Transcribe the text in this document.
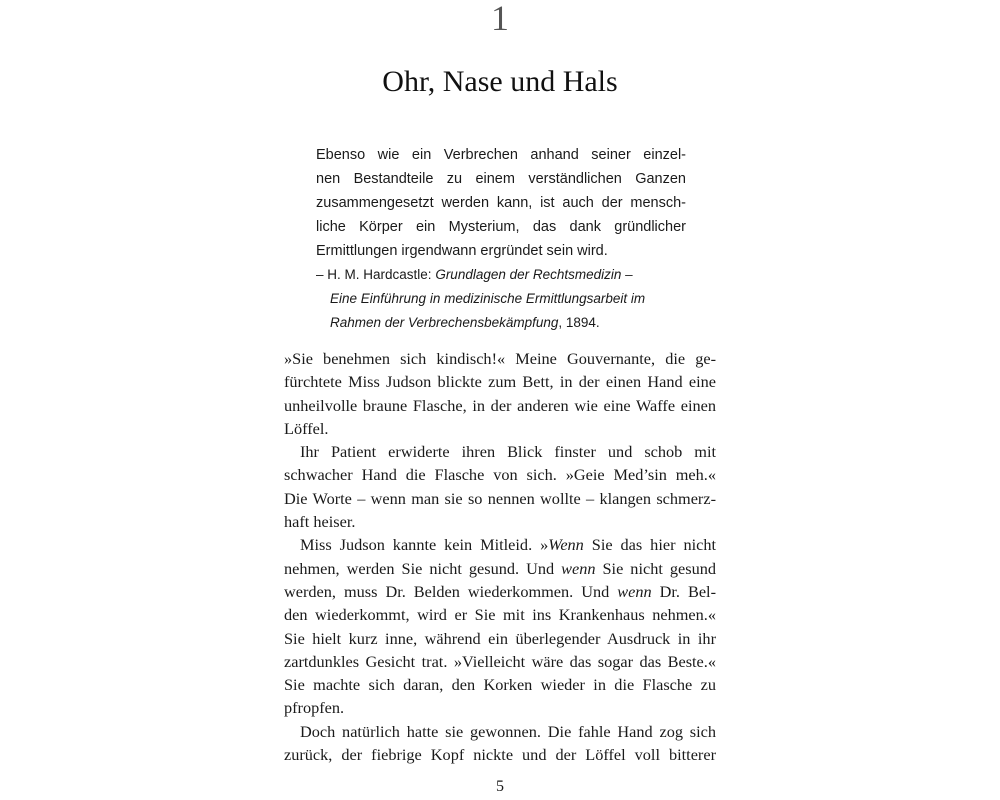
1
Ohr, Nase und Hals
Ebenso wie ein Verbrechen anhand seiner einzel-
nen Bestandteile zu einem verständlichen Ganzen
zusammengesetzt werden kann, ist auch der mensch-
liche Körper ein Mysterium, das dank gründlicher
Ermittlungen irgendwann ergründet sein wird.
– H. M. Hardcastle: Grundlagen der Rechtsmedizin –
Eine Einführung in medizinische Ermittlungsarbeit im
Rahmen der Verbrechensbekämpfung, 1894.
»Sie benehmen sich kindisch!« Meine Gouvernante, die ge-
fürchtete Miss Judson blickte zum Bett, in der einen Hand eine
unheilvolle braune Flasche, in der anderen wie eine Waffe einen
Löffel.
Ihr Patient erwiderte ihren Blick finster und schob mit
schwacher Hand die Flasche von sich. »Geie Med’sin meh.«
Die Worte – wenn man sie so nennen wollte – klangen schmerz-
haft heiser.
Miss Judson kannte kein Mitleid. »Wenn Sie das hier nicht
nehmen, werden Sie nicht gesund. Und wenn Sie nicht gesund
werden, muss Dr. Belden wiederkommen. Und wenn Dr. Bel-
den wiederkommt, wird er Sie mit ins Krankenhaus nehmen.«
Sie hielt kurz inne, während ein überlegender Ausdruck in ihr
zartdunkles Gesicht trat. »Vielleicht wäre das sogar das Beste.«
Sie machte sich daran, den Korken wieder in die Flasche zu
pfropfen.
Doch natürlich hatte sie gewonnen. Die fahle Hand zog sich
zurück, der fiebrige Kopf nickte und der Löffel voll bitterer
5
